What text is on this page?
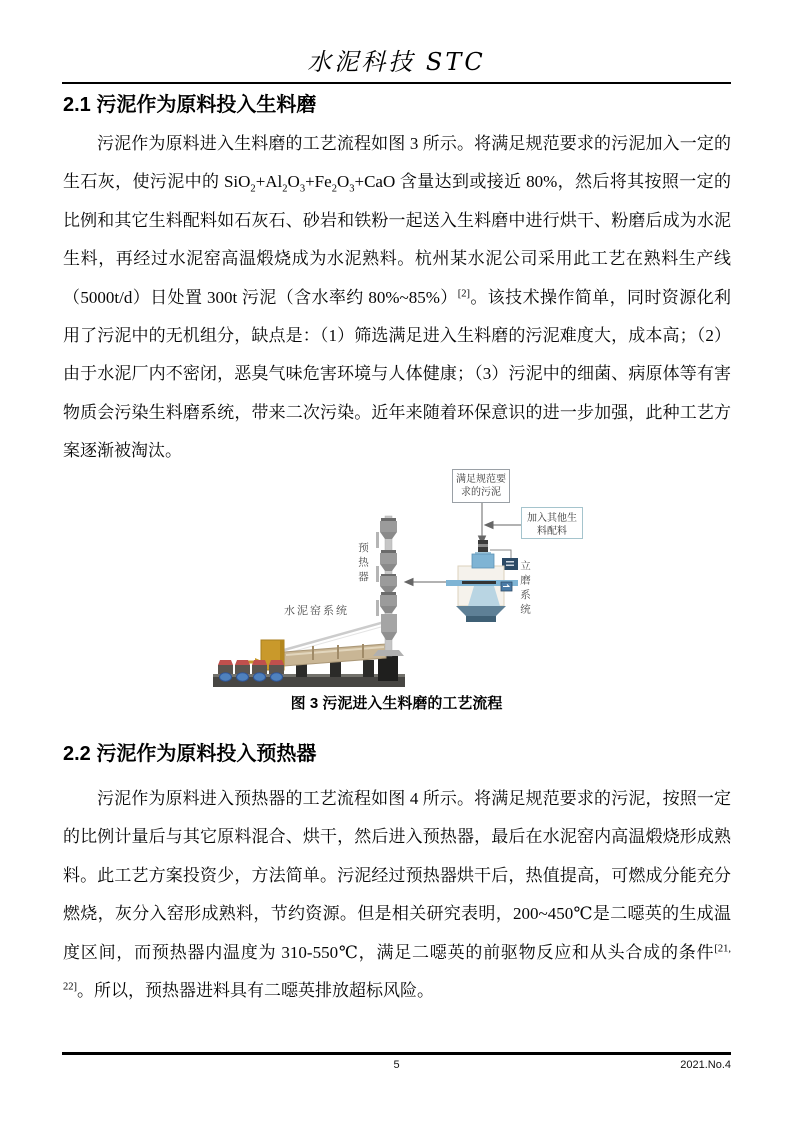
水泥科技 STC
2.1 污泥作为原料投入生料磨

污泥作为原料进入生料磨的工艺流程如图 3 所示。将满足规范要求的污泥加入一定的生石灰，使污泥中的 $SiO_2+Al_2O_3+Fe_2O_3+CaO$ 含量达到或接近 80%，然后将其按照一定的比例和其它生料配料如石灰石、砂岩和铁粉一起送入生料磨中进行烘干、粉磨后成为水泥生料，再经过水泥窑高温煅烧成为水泥熟料。杭州某水泥公司采用此工艺在熟料生产线（5000t/d）日处置 300t 污泥（含水率约 80%~85%）[2]。该技术操作简单，同时资源化利用了污泥中的无机组分，缺点是：（1）筛选满足进入生料磨的污泥难度大，成本高；（2）由于水泥厂内不密闭，恶臭气味危害环境与人体健康；（3）污泥中的细菌、病原体等有害物质会污染生料磨系统，带来二次污染。近年来随着环保意识的进一步加强，此种工艺方案逐渐被淘汰。

满足规范要求的污泥
加入其他生料配料
预热器	立磨系统
水泥窑系统
图 3 污泥进入生料磨的工艺流程
2.2 污泥作为原料投入预热器

污泥作为原料进入预热器的工艺流程如图 4 所示。将满足规范要求的污泥，按照一定的比例计量后与其它原料混合、烘干，然后进入预热器，最后在水泥窑内高温煅烧形成熟料。此工艺方案投资少，方法简单。污泥经过预热器烘干后，热值提高，可燃成分能充分燃烧，灰分入窑形成熟料，节约资源。但是相关研究表明，200~450℃是二噁英的生成温度区间，而预热器内温度为 310-550℃，满足二噁英的前驱物反应和从头合成的条件[21, 22]。所以，预热器进料具有二噁英排放超标风险。

5	2021.No.4
